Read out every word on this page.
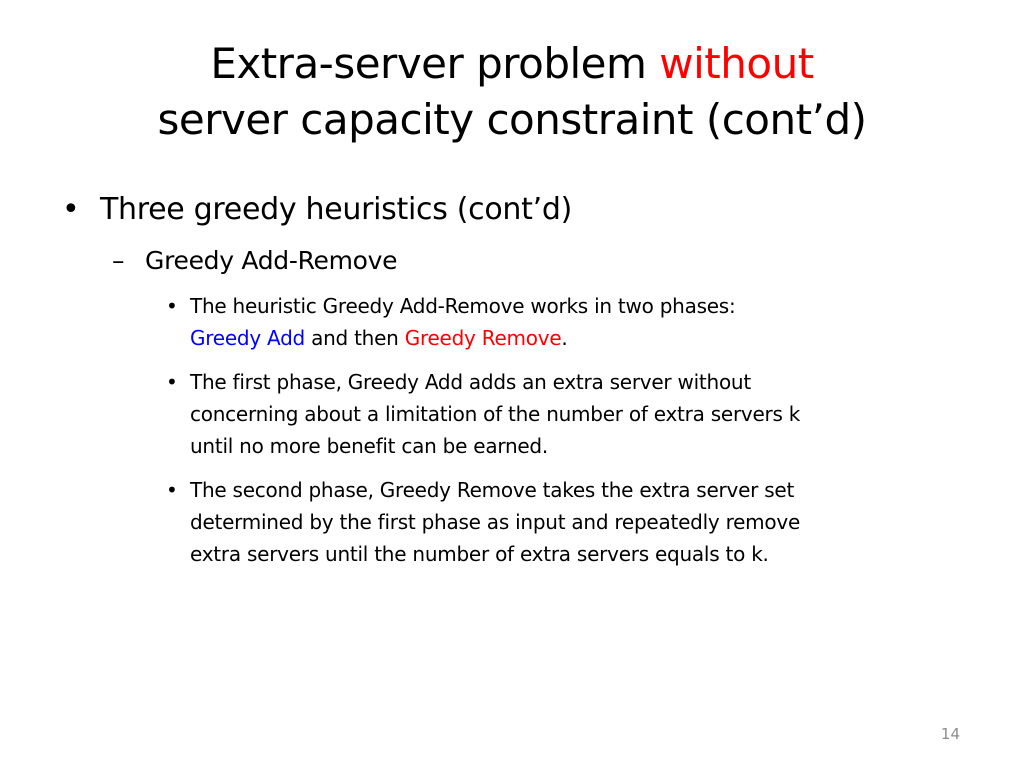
Extra-server problem without
server capacity constraint (cont’d)
• Three greedy heuristics (cont’d)
– Greedy Add-Remove
• The heuristic Greedy Add-Remove works in two phases:
Greedy Add and then Greedy Remove.
• The first phase, Greedy Add adds an extra server without
concerning about a limitation of the number of extra servers k
until no more benefit can be earned.
• The second phase, Greedy Remove takes the extra server set
determined by the first phase as input and repeatedly remove
extra servers until the number of extra servers equals to k.
14
